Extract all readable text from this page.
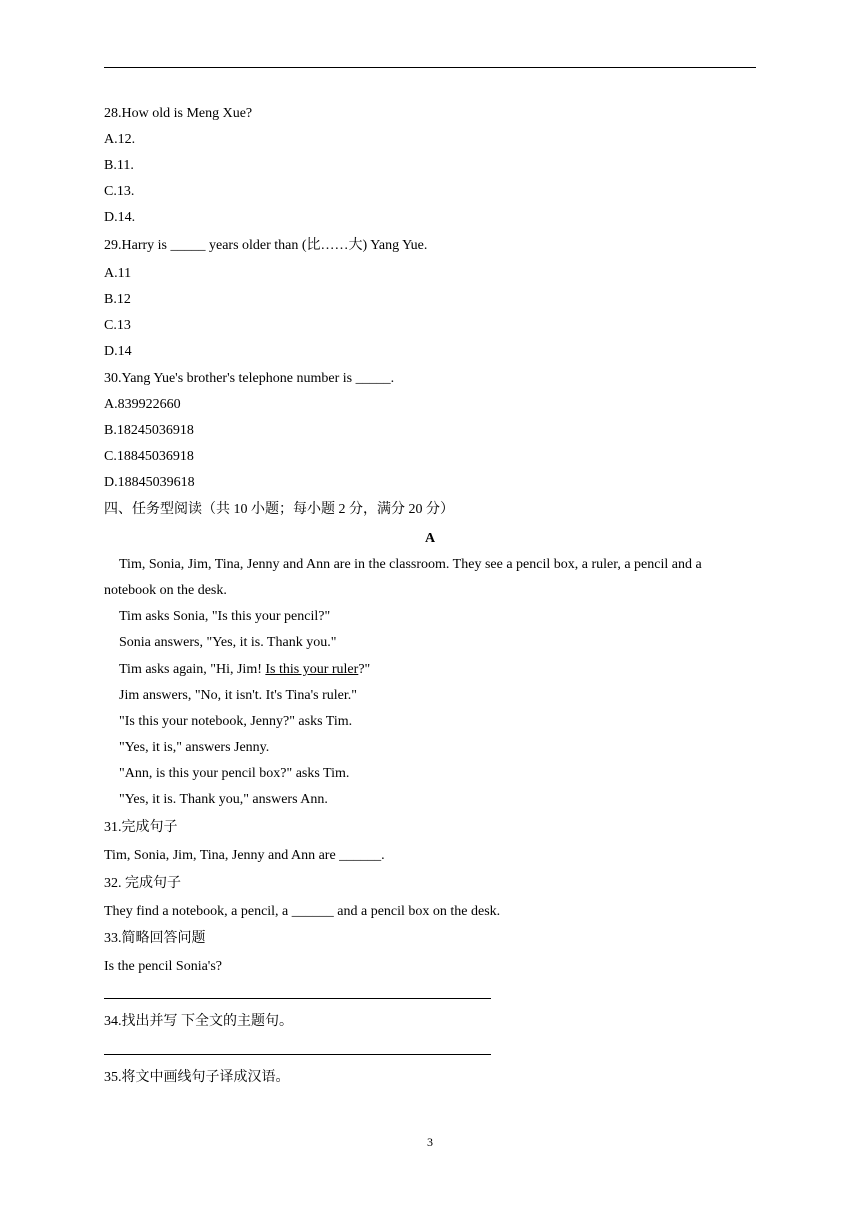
28.How old is Meng Xue?
A.12.
B.11.
C.13.
D.14.
29.Harry is _____ years older than (比……大) Yang Yue.
A.11
B.12
C.13
D.14
30.Yang Yue's brother's telephone number is _____.
A.839922660
B.18245036918
C.18845036918
D.18845039618
四、任务型阅读（共 10 小题；每小题 2 分，满分 20 分）
A
Tim, Sonia, Jim, Tina, Jenny and Ann are in the classroom. They see a pencil box, a ruler, a pencil and a
notebook on the desk.
Tim asks Sonia, "Is this your pencil?"
Sonia answers, "Yes, it is. Thank you."
Tim asks again, "Hi, Jim! Is this your ruler?"
Jim answers, "No, it isn't. It's Tina's ruler."
"Is this your notebook, Jenny?" asks Tim.
"Yes, it is," answers Jenny.
"Ann, is this your pencil box?" asks Tim.
"Yes, it is. Thank you," answers Ann.
31.完成句子
Tim, Sonia, Jim, Tina, Jenny and Ann are ______.
32. 完成句子
They find a notebook, a pencil, a ______ and a pencil box on the desk.
33.简略回答问题
Is the pencil Sonia's?
34.找出并写 下全文的主题句。
35.将文中画线句子译成汉语。
3
